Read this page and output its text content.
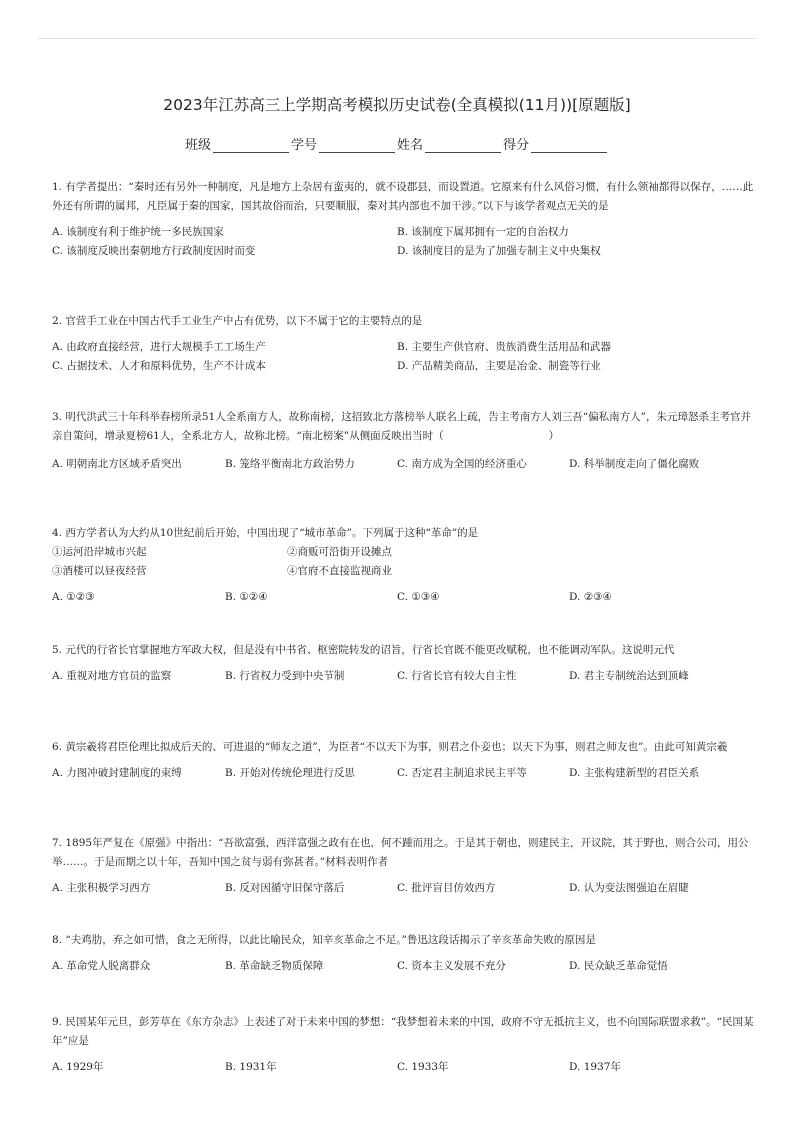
2023年江苏高三上学期高考模拟历史试卷(全真模拟(11月))[原题版]
班级	学号	姓名	得分

1. 有学者提出：“秦时还有另外一种制度，凡是地方上杂居有蛮夷的，就不设郡县，而设置道。它原来有什么风俗习惯，有什么领袖都得以保存，……此外还有所谓的属邦，凡臣属于秦的国家，国其故俗而治，只要顺服，秦对其内部也不加干涉。”以下与该学者观点无关的是

A. 该制度有利于维护统一多民族国家	B. 该制度下属邦拥有一定的自治权力
C. 该制度反映出秦朝地方行政制度因时而变	D. 该制度目的是为了加强专制主义中央集权

2. 官营手工业在中国古代手工业生产中占有优势，以下不属于它的主要特点的是

A. 由政府直接经营，进行大规模手工工场生产	B. 主要生产供官府、贵族消费生活用品和武器
C. 占据技术、人才和原料优势，生产不计成本	D. 产品精美商品，主要是冶金、制瓷等行业

3. 明代洪武三十年科举春榜所录51人全系南方人，故称南榜，这招致北方落榜举人联名上疏，告主考南方人刘三吾“偏私南方人”，朱元璋怒杀主考官并亲自策问，增录夏榜61人，全系北方人，故称北榜。“南北榜案”从侧面反映出当时（　　　　　　　　　　）

A. 明朝南北方区域矛盾突出	B. 笼络平衡南北方政治势力	C. 南方成为全国的经济重心	D. 科举制度走向了僵化腐败

4. 西方学者认为大约从10世纪前后开始，中国出现了“城市革命”。下列属于这种“革命”的是

①运河沿岸城市兴起	②商贩可沿街开设摊点
③酒楼可以昼夜经营	④官府不直接监视商业
A. ①②③	B. ①②④	C. ①③④	D. ②③④

5. 元代的行省长官掌握地方军政大权，但是没有中书省、枢密院转发的诏旨，行省长官既不能更改赋税，也不能调动军队。这说明元代

A. 重视对地方官员的监察	B. 行省权力受到中央节制	C. 行省长官有较大自主性	D. 君主专制统治达到顶峰

6. 黄宗羲将君臣伦理比拟成后天的、可进退的“师友之道”，为臣者“不以天下为事，则君之仆妾也；以天下为事，则君之师友也”。由此可知黄宗羲

A. 力图冲破封建制度的束缚	B. 开始对传统伦理进行反思	C. 否定君主制追求民主平等	D. 主张构建新型的君臣关系

7. 1895年严复在《原强》中指出：“吾欲富强，西洋富强之政有在也，何不踵而用之。于是其于朝也，则建民主，开议院，其于野也，则合公司，用公举……。于是而期之以十年，吾知中国之贫与弱有弥甚者。”材料表明作者

A. 主张积极学习西方	B. 反对因循守旧保守落后	C. 批评盲目仿效西方	D. 认为变法图强迫在眉睫

8. “夫鸡肋，弃之如可惜，食之无所得，以此比喻民众，知辛亥革命之不足。”鲁迅这段话揭示了辛亥革命失败的原因是

A. 革命党人脱离群众	B. 革命缺乏物质保障	C. 资本主义发展不充分	D. 民众缺乏革命觉悟

9. 民国某年元旦，彭芳草在《东方杂志》上表述了对于未来中国的梦想：“我梦想着未来的中国，政府不守无抵抗主义，也不向国际联盟求救”。“民国某年”应是

A. 1929年	B. 1931年	C. 1933年	D. 1937年
